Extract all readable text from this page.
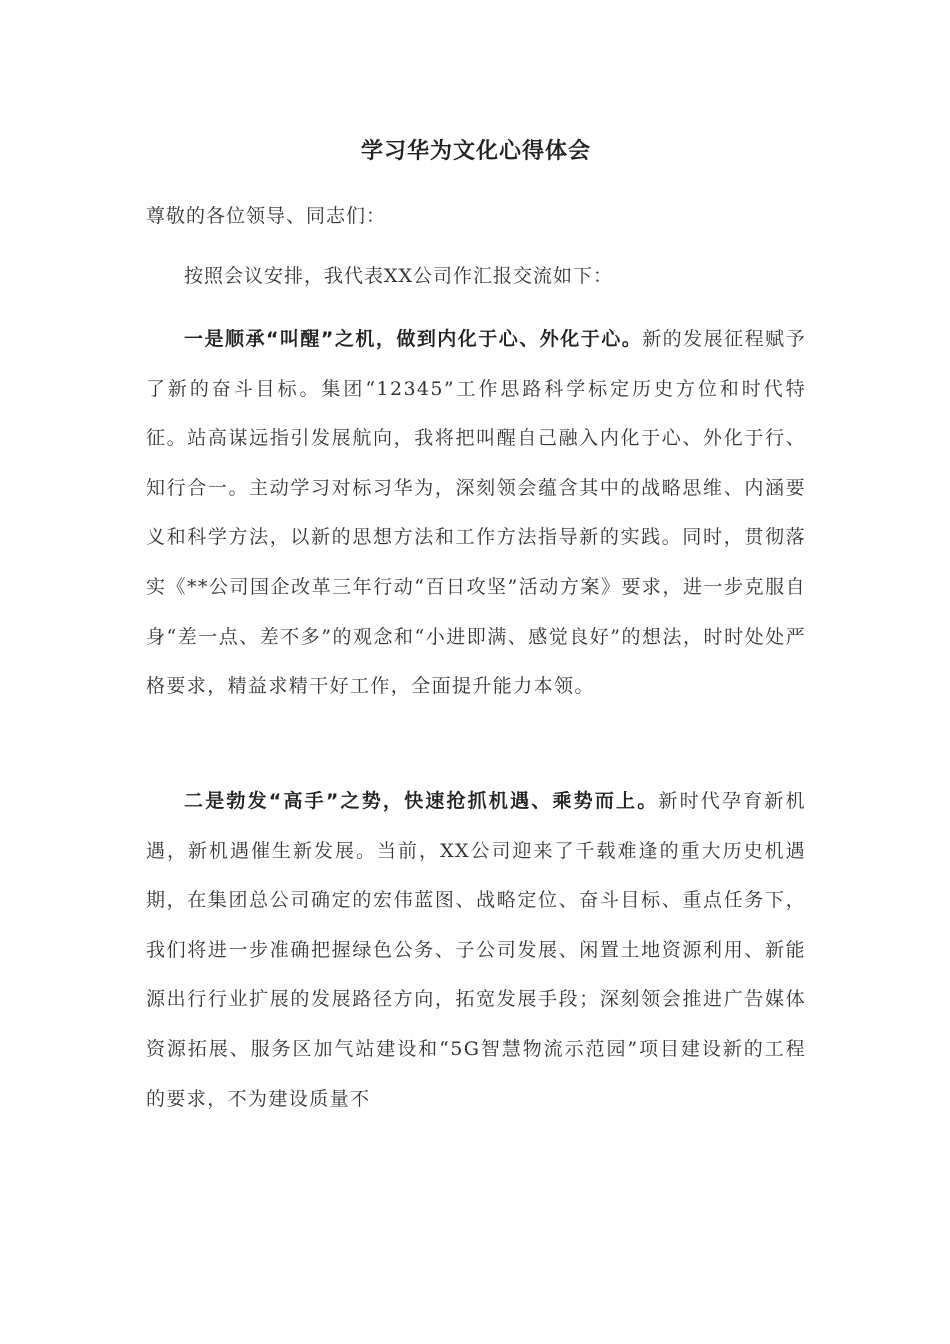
学习华为文化心得体会
尊敬的各位领导、同志们：
按照会议安排，我代表XX公司作汇报交流如下：

一是顺承“叫醒”之机，做到内化于心、外化于心。新的发展征程赋予了新的奋斗目标。集团“12345”工作思路科学标定历史方位和时代特征。站高谋远指引发展航向，我将把叫醒自己融入内化于心、外化于行、知行合一。主动学习对标习华为，深刻领会蕴含其中的战略思维、内涵要义和科学方法，以新的思想方法和工作方法指导新的实践。同时，贯彻落实《**公司国企改革三年行动“百日攻坚”活动方案》要求，进一步克服自身“差一点、差不多”的观念和“小进即满、感觉良好”的想法，时时处处严格要求，精益求精干好工作，全面提升能力本领。

二是勃发“高手”之势，快速抢抓机遇、乘势而上。新时代孕育新机遇，新机遇催生新发展。当前，XX公司迎来了千载难逢的重大历史机遇期，在集团总公司确定的宏伟蓝图、战略定位、奋斗目标、重点任务下，我们将进一步准确把握绿色公务、子公司发展、闲置土地资源利用、新能源出行行业扩展的发展路径方向，拓宽发展手段；深刻领会推进广告媒体资源拓展、服务区加气站建设和“5G智慧物流示范园”项目建设新的工程的要求，不为建设质量不
